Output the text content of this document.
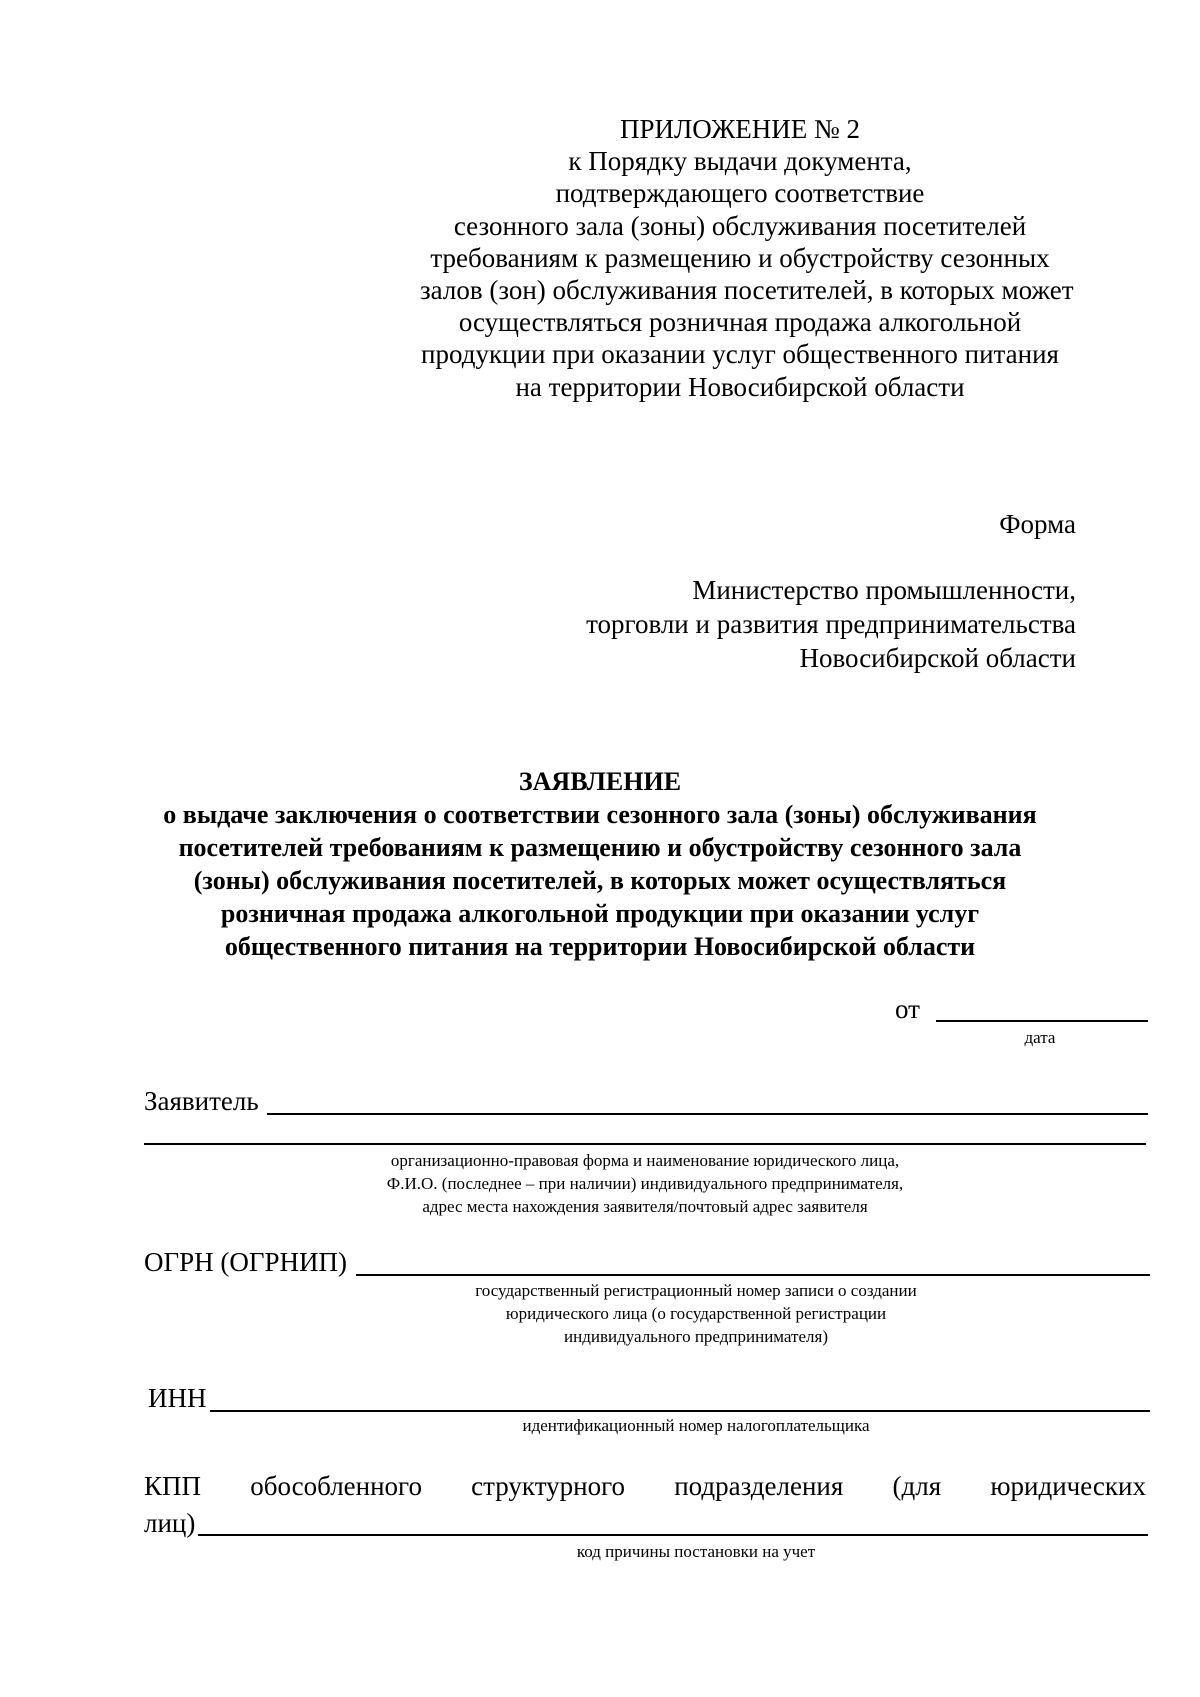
ПРИЛОЖЕНИЕ № 2
к Порядку выдачи документа,
подтверждающего соответствие
сезонного зала (зоны) обслуживания посетителей
требованиям к размещению и обустройству сезонных
залов (зон) обслуживания посетителей, в которых может
осуществляться розничная продажа алкогольной
продукции при оказании услуг общественного питания
на территории Новосибирской области
Форма
Министерство промышленности,
торговли и развития предпринимательства
Новосибирской области
ЗАЯВЛЕНИЕ
о выдаче заключения о соответствии сезонного зала (зоны) обслуживания
посетителей требованиям к размещению и обустройству сезонного зала
(зоны) обслуживания посетителей, в которых может осуществляться
розничная продажа алкогольной продукции при оказании услуг
общественного питания на территории Новосибирской области
от
дата
Заявитель
организационно-правовая форма и наименование юридического лица,
Ф.И.О. (последнее – при наличии) индивидуального предпринимателя,
адрес места нахождения заявителя/почтовый адрес заявителя
ОГРН (ОГРНИП)
государственный регистрационный номер записи о создании
юридического лица (о государственной регистрации
индивидуального предпринимателя)
ИНН
идентификационный номер налогоплательщика
КПП обособленного структурного подразделения (для юридических
лиц)
код причины постановки на учет
